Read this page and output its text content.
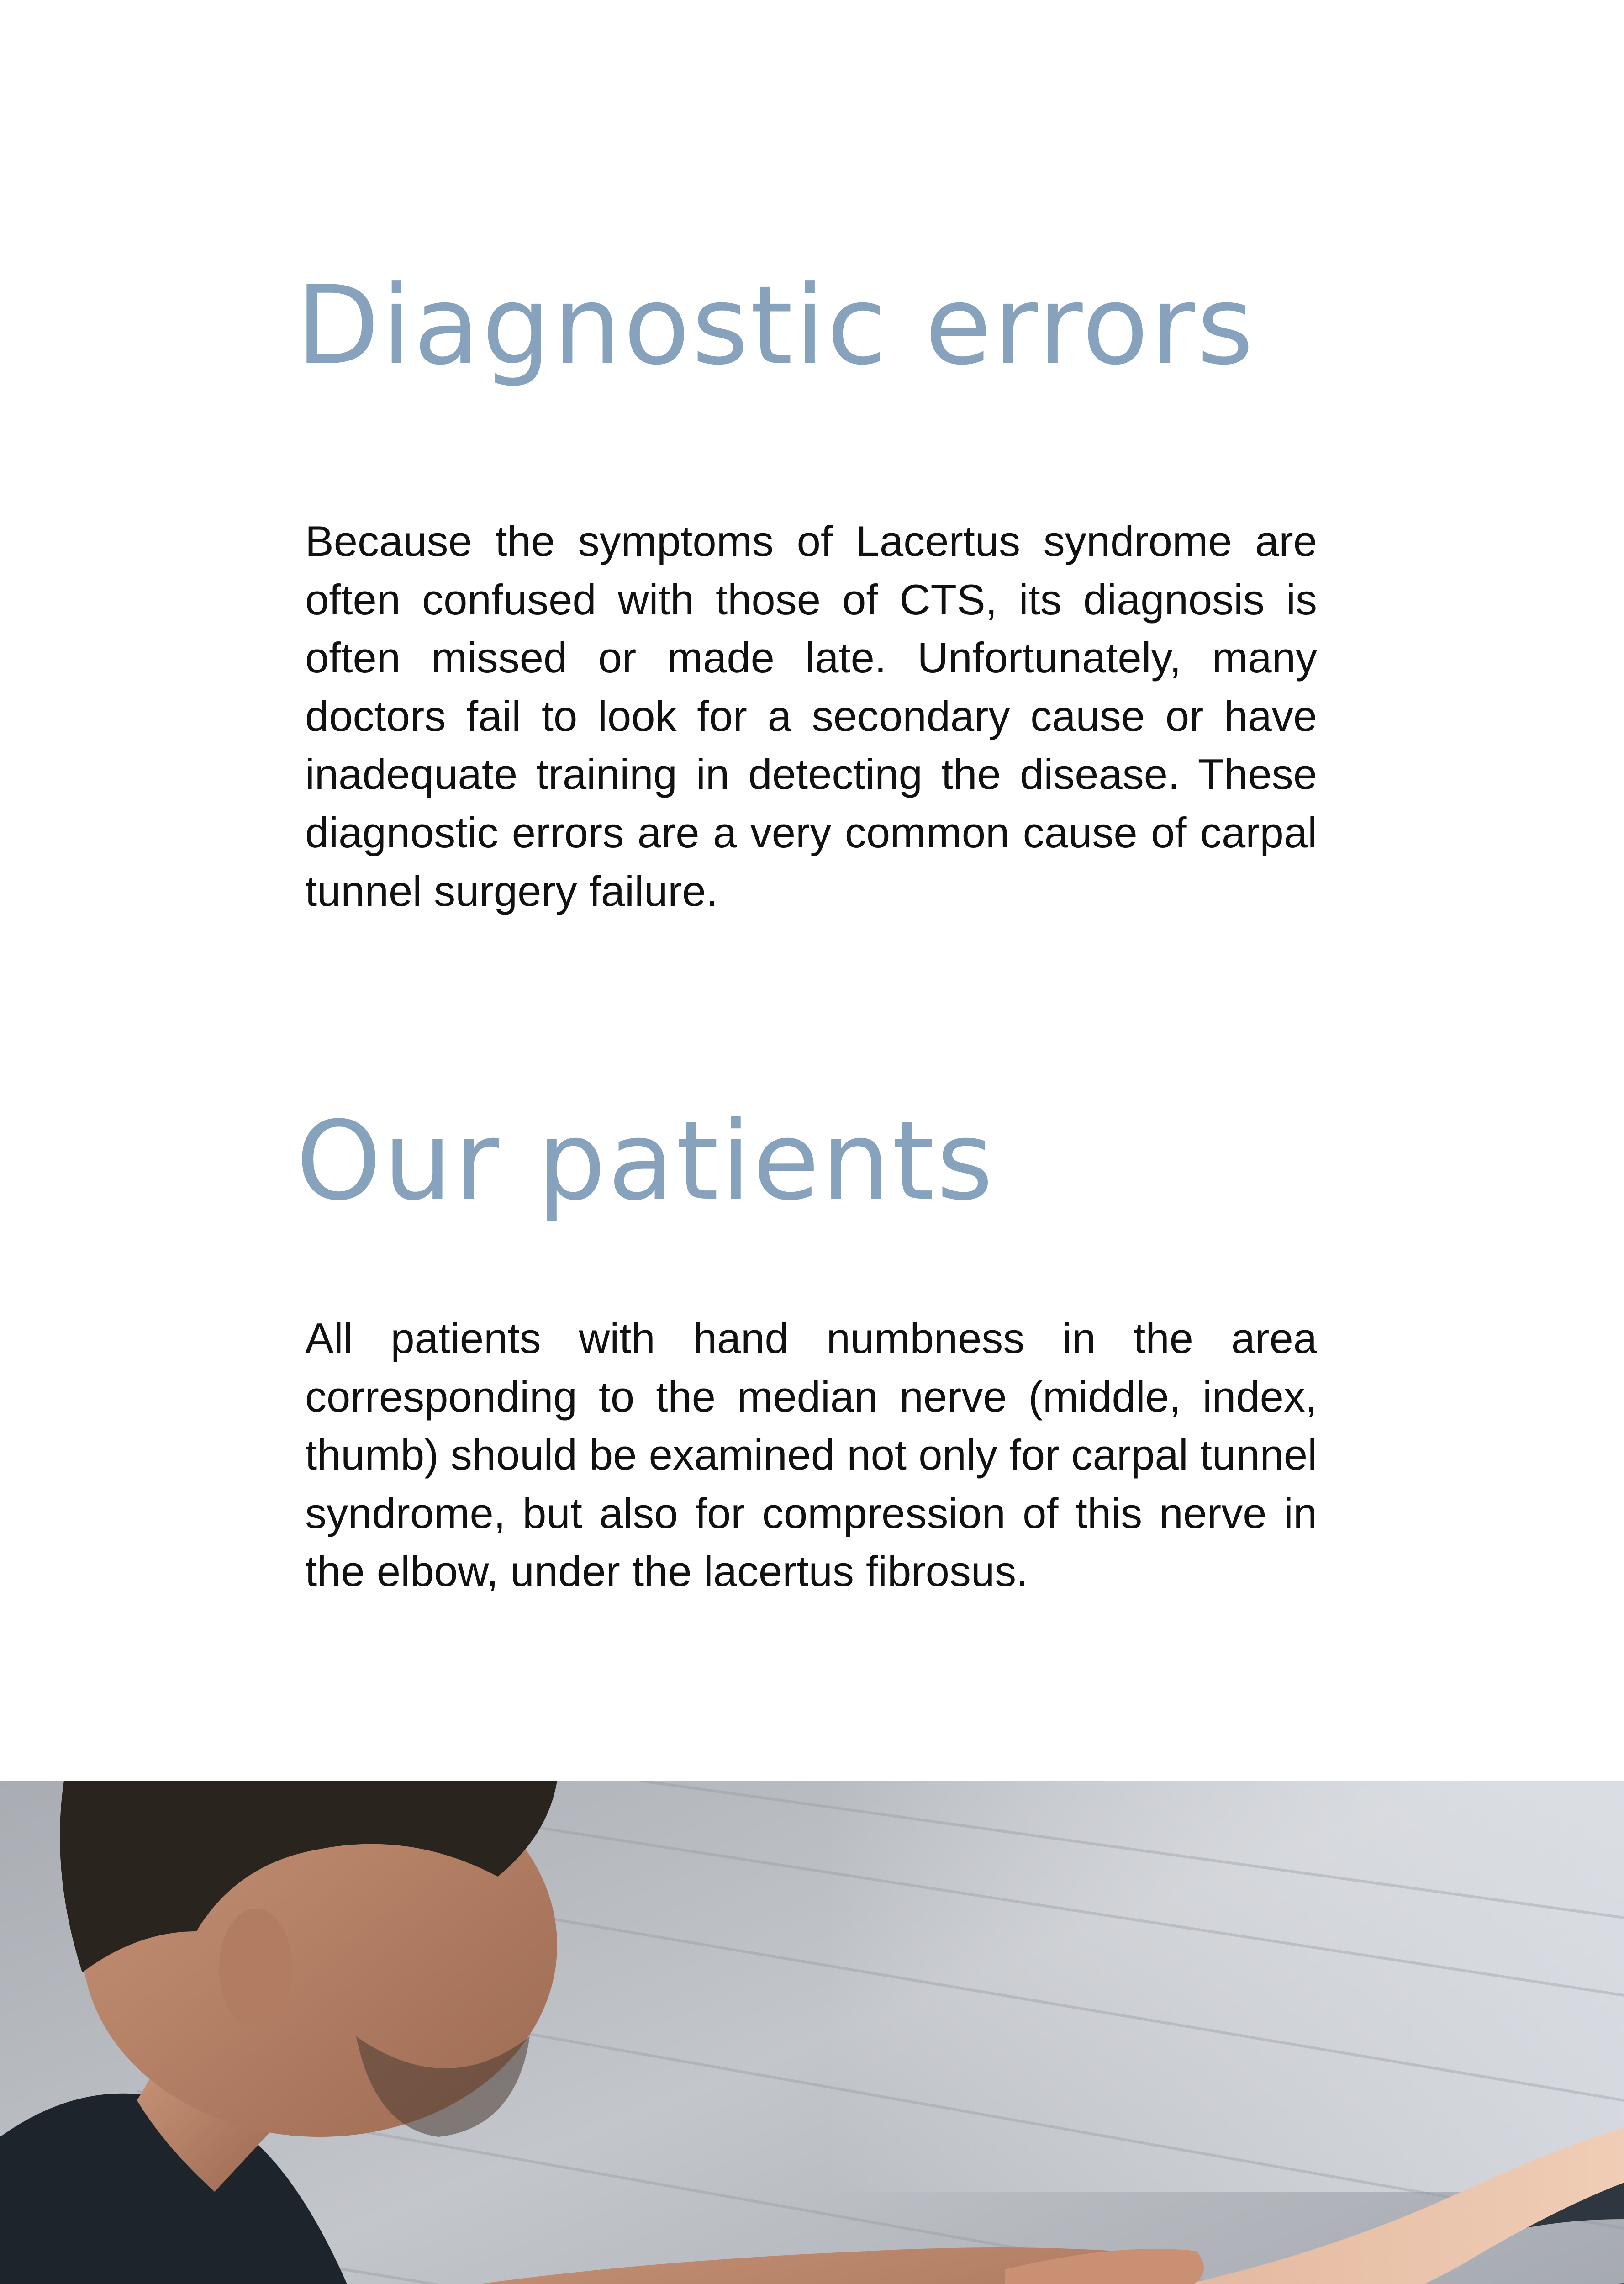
Diagnostic errors

Because the symptoms of Lacertus syndrome are often confused with those of CTS, its diagnosis is often missed or made late. Unfortunately, many doctors fail to look for a secondary cause or have inadequate training in detecting the disease. These diagnostic errors are a very common cause of carpal tunnel surgery failure.

Our patients

All patients with hand numbness in the area corresponding to the median nerve (middle, index, thumb) should be examined not only for carpal tunnel syndrome, but also for compression of this nerve in the elbow, under the lacertus fibrosus.
